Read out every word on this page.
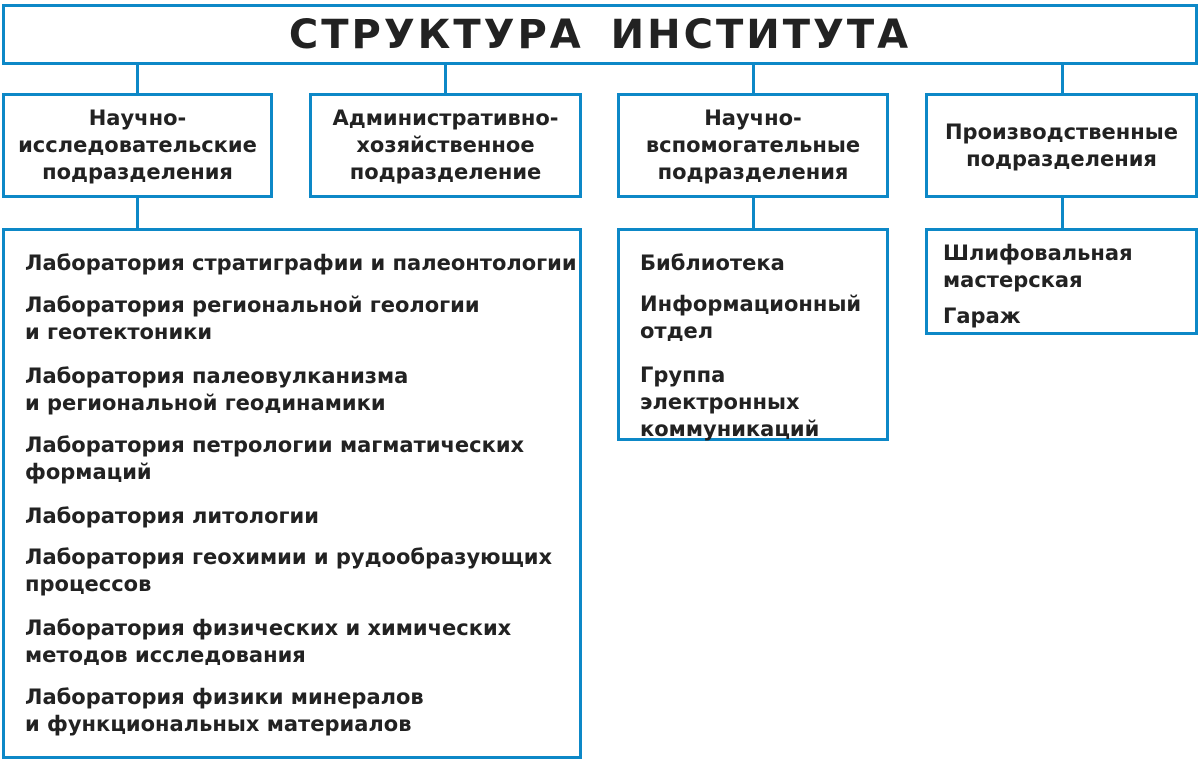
СТРУКТУРА ИНСТИТУТА
Научно-
исследовательские
подразделения
Административно-
хозяйственное
подразделение
Научно-
вспомогательные
подразделения
Производственные
подразделения
Лаборатория стратиграфии и палеонтологии
Лаборатория региональной геологии
и геотектоники
Лаборатория палеовулканизма
и региональной геодинамики
Лаборатория петрологии магматических
формаций
Лаборатория литологии
Лаборатория геохимии и рудообразующих
процессов
Лаборатория физических и химических
методов исследования
Лаборатория физики минералов
и функциональных материалов
Библиотека
Информационный
отдел
Группа электронных
коммуникаций
Шлифовальная
мастерская
Гараж
